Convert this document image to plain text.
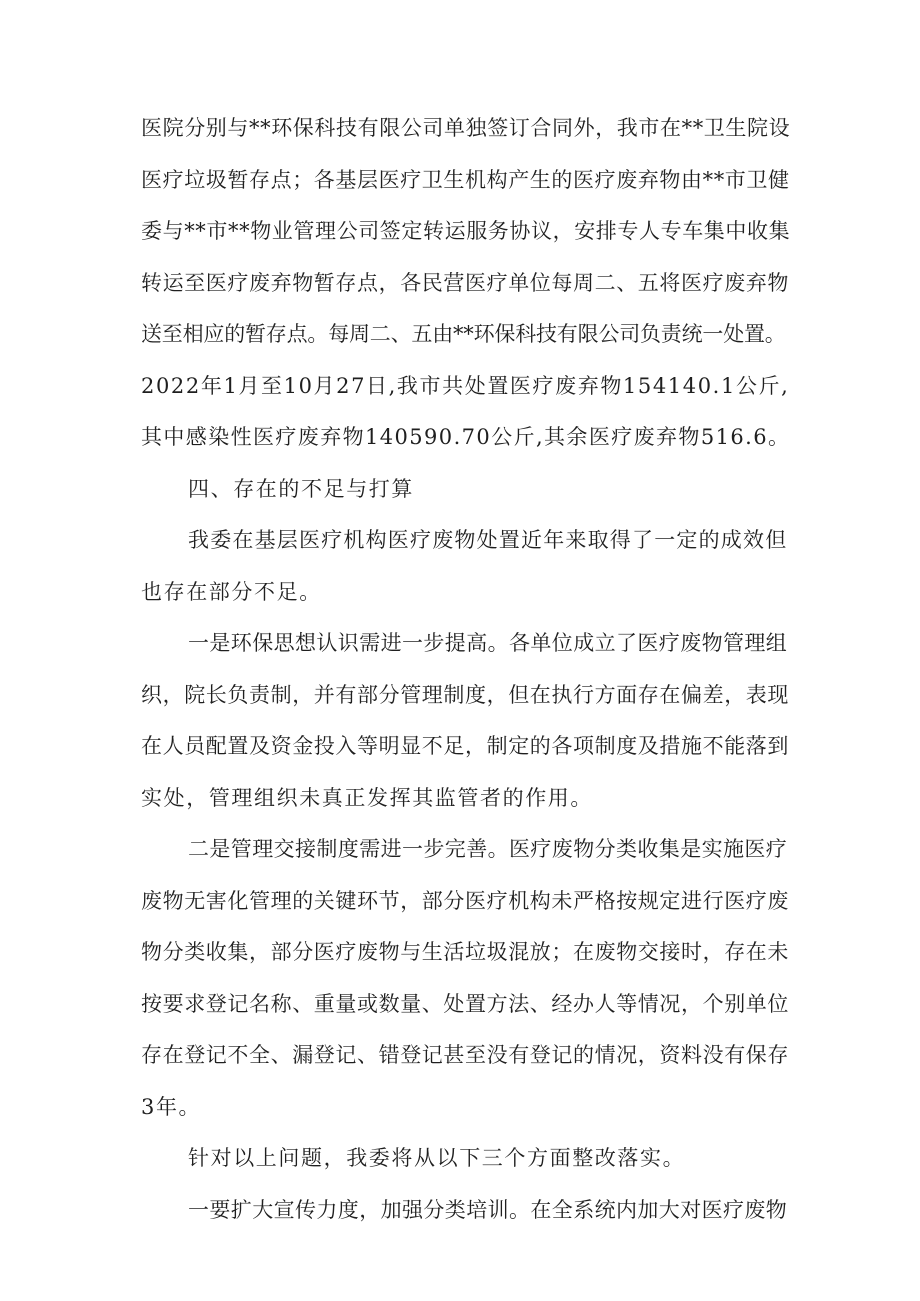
医院分别与**环保科技有限公司单独签订合同外，我市在**卫生院设

医疗垃圾暂存点；各基层医疗卫生机构产生的医疗废弃物由**市卫健

委与**市**物业管理公司签定转运服务协议，安排专人专车集中收集

转运至医疗废弃物暂存点，各民营医疗单位每周二、五将医疗废弃物

送至相应的暂存点。每周二、五由**环保科技有限公司负责统一处置。

2022年1月至10月27日,我市共处置医疗废弃物154140.1公斤,

其中感染性医疗废弃物140590.70公斤,其余医疗废弃物516.6。

四、存在的不足与打算

我委在基层医疗机构医疗废物处置近年来取得了一定的成效但

也存在部分不足。

一是环保思想认识需进一步提高。各单位成立了医疗废物管理组

织，院长负责制，并有部分管理制度，但在执行方面存在偏差，表现

在人员配置及资金投入等明显不足，制定的各项制度及措施不能落到

实处，管理组织未真正发挥其监管者的作用。

二是管理交接制度需进一步完善。医疗废物分类收集是实施医疗

废物无害化管理的关键环节，部分医疗机构未严格按规定进行医疗废

物分类收集，部分医疗废物与生活垃圾混放；在废物交接时，存在未

按要求登记名称、重量或数量、处置方法、经办人等情况，个别单位

存在登记不全、漏登记、错登记甚至没有登记的情况，资料没有保存

3年。

针对以上问题，我委将从以下三个方面整改落实。

一要扩大宣传力度，加强分类培训。在全系统内加大对医疗废物
